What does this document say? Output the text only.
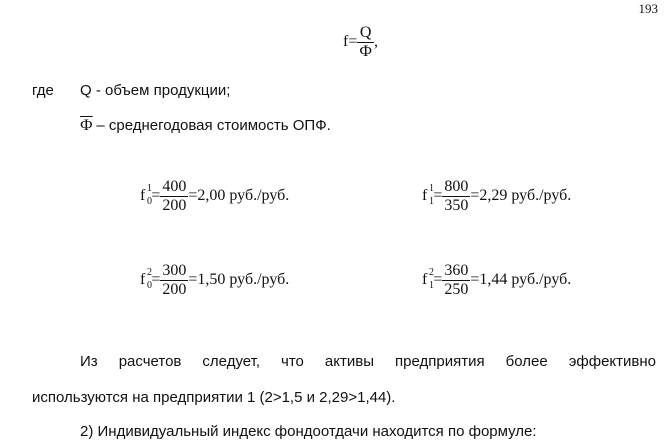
193
$f= \frac{Q}{Ф}$ ,
где Q - объем продукции;
Ф – среднегодовая стоимость ОПФ.
f 1
$0 = \frac{400}{200} =2,00$ руб./руб.	f 1
$1 = \frac{800}{350} =2,29$ руб./руб.
f 2
$0 = \frac{300}{200} =1,50$ руб./руб.	f 2
$1 = \frac{360}{250} =1,44$ руб./руб.
Из расчетов следует, что активы предприятия более эффективно
используются на предприятии 1 (2>1,5 и 2,29>1,44).
2) Индивидуальный индекс фондоотдачи находится по формуле:
